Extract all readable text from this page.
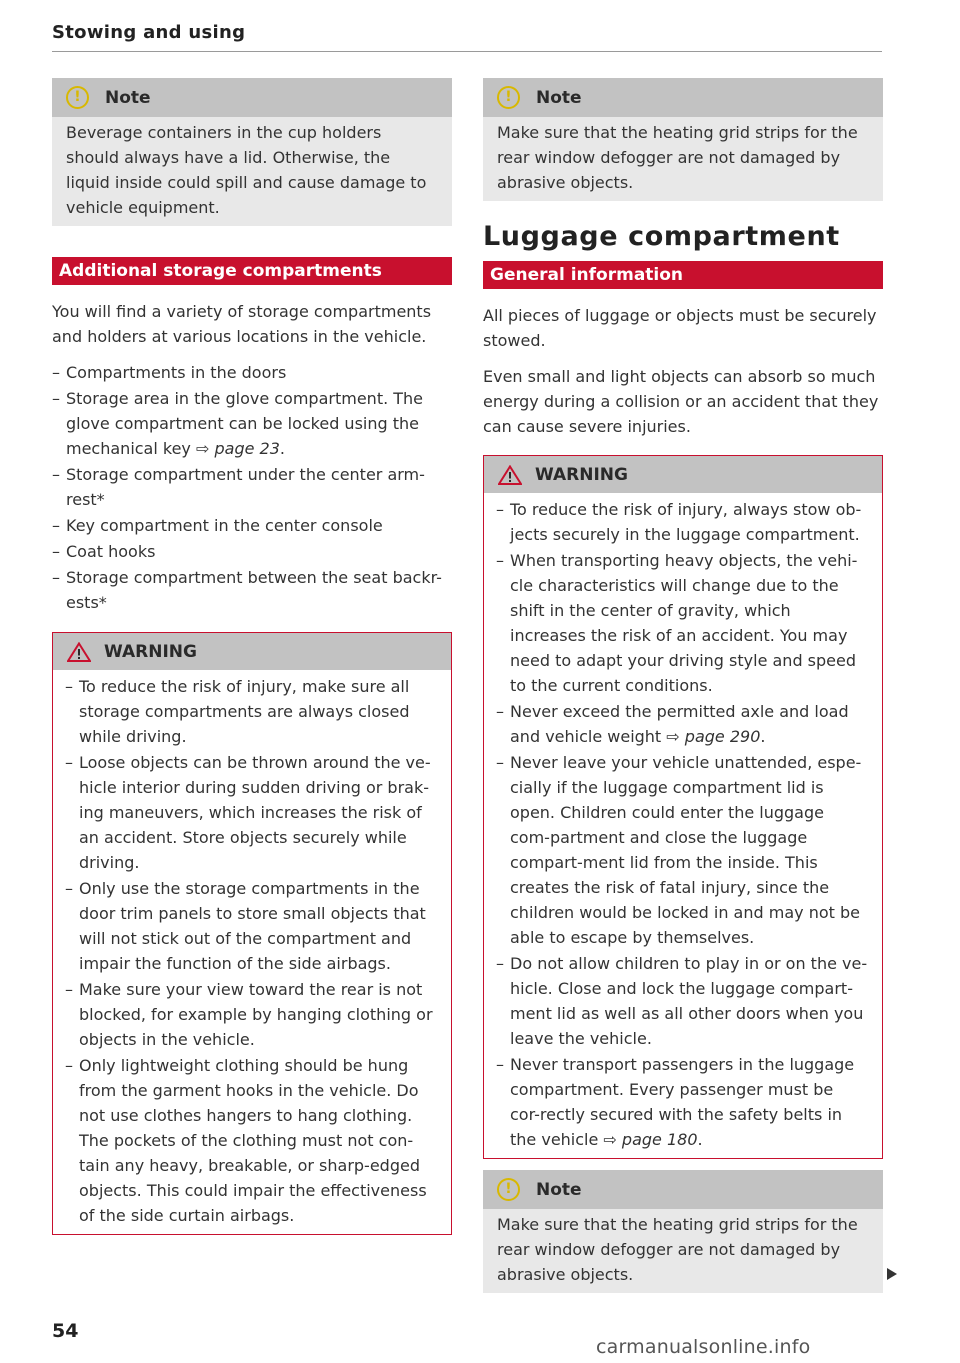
Stowing and using
!	Note
Beverage containers in the cup holders should always have a lid. Otherwise, the liquid inside could spill and cause damage to vehicle equipment.
Additional storage compartments

You will find a variety of storage compartments and holders at various locations in the vehicle.

– Compartments in the doors
– Storage area in the glove compartment. The glove compartment can be locked using the mechanical key ⇨ page 23.
– Storage compartment under the center arm-rest*
– Key compartment in the center console
– Coat hooks
– Storage compartment between the seat backr-ests*
WARNING
– To reduce the risk of injury, make sure all storage compartments are always closed while driving.
– Loose objects can be thrown around the ve-hicle interior during sudden driving or brak-ing maneuvers, which increases the risk of an accident. Store objects securely while driving.
– Only use the storage compartments in the door trim panels to store small objects that will not stick out of the compartment and impair the function of the side airbags.
– Make sure your view toward the rear is not blocked, for example by hanging clothing or objects in the vehicle.
– Only lightweight clothing should be hung from the garment hooks in the vehicle. Do not use clothes hangers to hang clothing. The pockets of the clothing must not con-tain any heavy, breakable, or sharp-edged objects. This could impair the effectiveness of the side curtain airbags.
!	Note
Make sure that the heating grid strips for the rear window defogger are not damaged by abrasive objects.
Luggage compartment
General information

All pieces of luggage or objects must be securely stowed.

Even small and light objects can absorb so much energy during a collision or an accident that they can cause severe injuries.

WARNING
– To reduce the risk of injury, always stow ob-jects securely in the luggage compartment.
– When transporting heavy objects, the vehi-cle characteristics will change due to the shift in the center of gravity, which increases the risk of an accident. You may need to adapt your driving style and speed to the current conditions.
– Never exceed the permitted axle and load and vehicle weight ⇨ page 290.
– Never leave your vehicle unattended, espe-cially if the luggage compartment lid is open. Children could enter the luggage com-partment and close the luggage compart-ment lid from the inside. This creates the risk of fatal injury, since the children would be locked in and may not be able to escape by themselves.
– Do not allow children to play in or on the ve-hicle. Close and lock the luggage compart-ment lid as well as all other doors when you leave the vehicle.
– Never transport passengers in the luggage compartment. Every passenger must be cor-rectly secured with the safety belts in the vehicle ⇨ page 180.
!	Note
Make sure that the heating grid strips for the rear window defogger are not damaged by abrasive objects.
54
carmanualsonline.info
